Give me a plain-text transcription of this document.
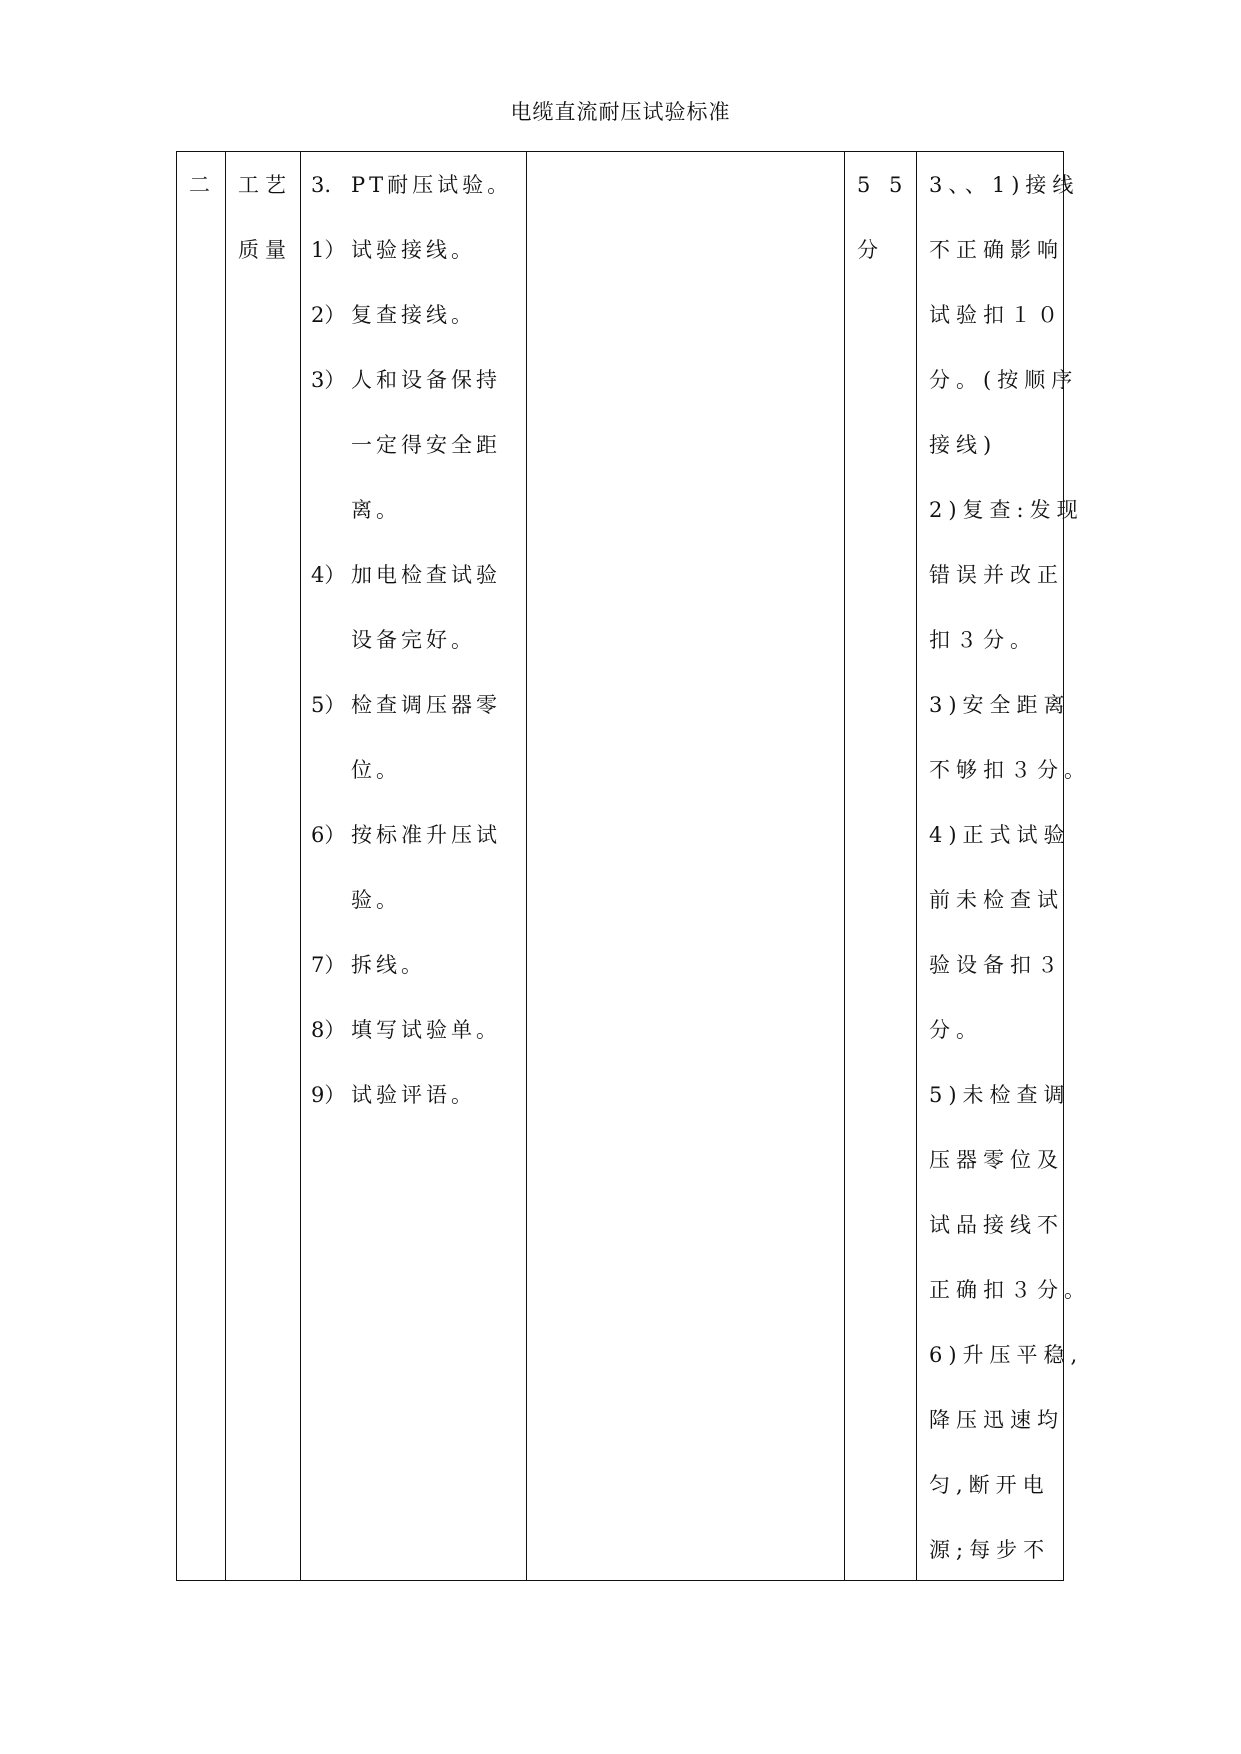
电缆直流耐压试验标准
二	工艺
质量
3. PT耐压试验。
1） 试验接线。
2） 复查接线。
3） 人和设备保持
一定得安全距
离。
4） 加电检查试验
设备完好。
5） 检查调压器零
位。
6） 按标准升压试
验。
7） 拆线。
8） 填写试验单。
9） 试验评语。
5 5
分
3、、1)接线
不正确影响
试验扣１０
分。(按顺序
接线)
2)复查:发现
错误并改正
扣３分。
3)安全距离
不够扣３分。
4)正式试验
前未检查试
验设备扣３
分。
5)未检查调
压器零位及
试品接线不
正确扣３分。
6)升压平稳,
降压迅速均
匀,断开电
源;每步不
